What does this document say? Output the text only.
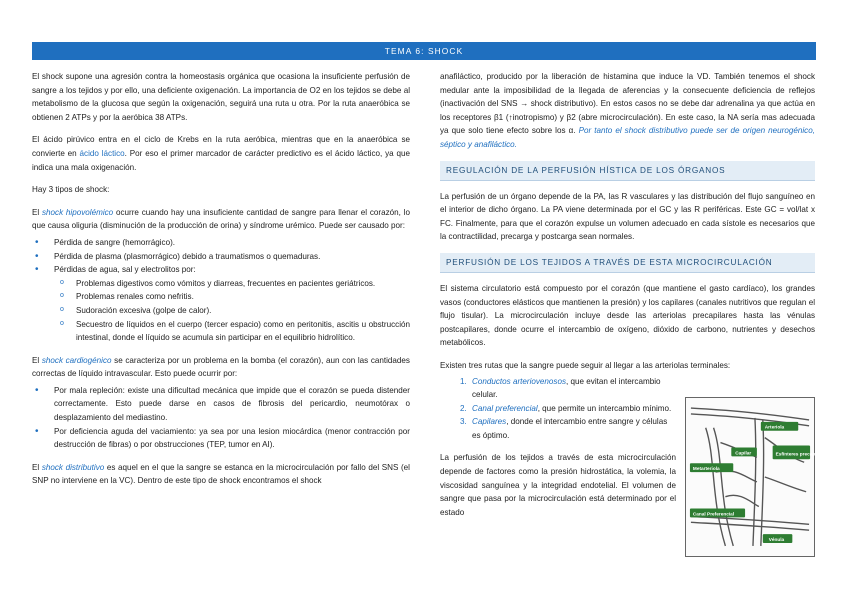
TEMA 6: SHOCK

El shock supone una agresión contra la homeostasis orgánica que ocasiona la insuficiente perfusión de sangre a los tejidos y por ello, una deficiente oxigenación. La importancia de O2 en los tejidos se debe al metabolismo de la glucosa que según la oxigenación, seguirá una ruta u otra. Por la ruta anaeróbica se obtienen 2 ATPs y por la aeróbica 38 ATPs.

El ácido pirúvico entra en el ciclo de Krebs en la ruta aeróbica, mientras que en la anaeróbica se convierte en ácido láctico. Por eso el primer marcador de carácter predictivo es el ácido láctico, ya que indica una mala oxigenación.

Hay 3 tipos de shock:

El shock hipovolémico ocurre cuando hay una insuficiente cantidad de sangre para llenar el corazón, lo que causa oliguria (disminución de la producción de orina) y síndrome urémico. Puede ser causado por:

• Pérdida de sangre (hemorrágico).
• Pérdida de plasma (plasmorrágico) debido a traumatismos o quemaduras.
• Pérdidas de agua, sal y electrolitos por:
o Problemas digestivos como vómitos y diarreas, frecuentes en pacientes geriátricos.
o Problemas renales como nefritis.
o Sudoración excesiva (golpe de calor).
o Secuestro de líquidos en el cuerpo (tercer espacio) como en peritonitis, ascitis u obstrucción intestinal, donde el líquido se acumula sin participar en el equilibrio hidrolítico.

El shock cardiogénico se caracteriza por un problema en la bomba (el corazón), aun con las cantidades correctas de líquido intravascular. Esto puede ocurrir por:

• Por mala repleción: existe una dificultad mecánica que impide que el corazón se pueda distender correctamente. Esto puede darse en casos de fibrosis del pericardio, neumotórax o desplazamiento del mediastino.
• Por deficiencia aguda del vaciamiento: ya sea por una lesion miocárdica (menor contracción por destrucción de fibras) o por obstrucciones (TEP, tumor en AI).

El shock distributivo es aquel en el que la sangre se estanca en la microcirculación por fallo del SNS (el SNP no interviene en la VC). Dentro de este tipo de shock encontramos el shock

anafiláctico, producido por la liberación de histamina que induce la VD. También tenemos el shock medular ante la imposibilidad de la llegada de aferencias y la consecuente deficiencia de reflejos (inactivación del SNS → shock distributivo). En estos casos no se debe dar adrenalina ya que actúa en los receptores β1 (↑inotropismo) y β2 (abre microcirculación). En este caso, la NA sería mas adecuada ya que solo tiene efecto sobre los α. Por tanto el shock distributivo puede ser de origen neurogénico, séptico y anafiláctico.

REGULACIÓN DE LA PERFUSIÓN HÍSTICA DE LOS ÓRGANOS

La perfusión de un órgano depende de la PA, las R vasculares y las distribución del flujo sanguíneo en el interior de dicho órgano. La PA viene determinada por el GC y las R periféricas. Este GC = vol/lat x FC. Finalmente, para que el corazón expulse un volumen adecuado en cada sístole es necesarios que la contractilidad, precarga y postcarga sean normales.

PERFUSIÓN DE LOS TEJIDOS A TRAVÉS DE ESTA MICROCIRCULACIÓN

El sistema circulatorio está compuesto por el corazón (que mantiene el gasto cardíaco), los grandes vasos (conductores elásticos que mantienen la presión) y los capilares (canales nutritivos que regulan el flujo tisular). La microcirculación incluye desde las arteriolas precapilares hasta las vénulas postcapilares, donde ocurre el intercambio de oxígeno, dióxido de carbono, nutrientes y desechos metabólicos.

Existen tres rutas que la sangre puede seguir al llegar a las arteriolas terminales:

1. Conductos arteriovenosos, que evitan el intercambio celular.
2. Canal preferencial, que permite un intercambio mínimo.
3. Capilares, donde el intercambio entre sangre y células es óptimo.

La perfusión de los tejidos a través de esta microcirculación depende de factores como la presión hidrostática, la volemia, la viscosidad sanguínea y la integridad endotelial. El volumen de sangre que pasa por la microcirculación está determinado por el estado

Arteriola
Capilar	Esfínteres precapilares
Metarteriola
Canal Preferencial
Vénula
